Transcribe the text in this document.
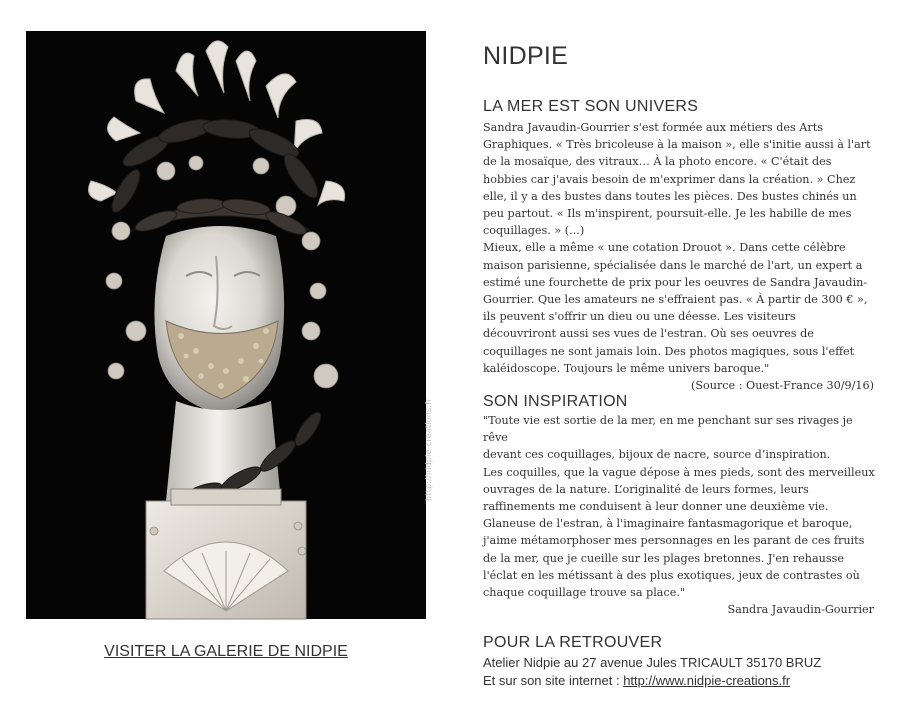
http://nidpie-creations.fr
VISITER LA GALERIE DE NIDPIE
NIDPIE
LA MER EST SON UNIVERS
Sandra Javaudin-Gourrier s'est formée aux métiers des Arts
Graphiques. « Très bricoleuse à la maison », elle s'initie aussi à l'art
de la mosaïque, des vitraux… À la photo encore. « C'était des
hobbies car j'avais besoin de m'exprimer dans la création. » Chez
elle, il y a des bustes dans toutes les pièces. Des bustes chinés un
peu partout. « Ils m'inspirent, poursuit-elle. Je les habille de mes
coquillages. » (...)
Mieux, elle a même « une cotation Drouot ». Dans cette célèbre
maison parisienne, spécialisée dans le marché de l'art, un expert a
estimé une fourchette de prix pour les oeuvres de Sandra Javaudin-
Gourrier. Que les amateurs ne s'effraient pas. « À partir de 300 € »,
ils peuvent s'offrir un dieu ou une déesse. Les visiteurs
découvriront aussi ses vues de l'estran. Où ses oeuvres de
coquillages ne sont jamais loin. Des photos magiques, sous l'effet
kaléidoscope. Toujours le même univers baroque."
(Source : Ouest-France 30/9/16)
SON INSPIRATION
"Toute vie est sortie de la mer, en me penchant sur ses rivages je
rêve
devant ces coquillages, bijoux de nacre, source d’inspiration.
Les coquilles, que la vague dépose à mes pieds, sont des merveilleux
ouvrages de la nature. L’originalité de leurs formes, leurs
raffinements me conduisent à leur donner une deuxième vie.
Glaneuse de l'estran, à l'imaginaire fantasmagorique et baroque,
j'aime métamorphoser mes personnages en les parant de ces fruits
de la mer, que je cueille sur les plages bretonnes. J'en rehausse
l'éclat en les métissant à des plus exotiques, jeux de contrastes où
chaque coquillage trouve sa place."
Sandra Javaudin-Gourrier
POUR LA RETROUVER
Atelier Nidpie au 27 avenue Jules TRICAULT 35170 BRUZ
Et sur son site internet : http://www.nidpie-creations.fr
